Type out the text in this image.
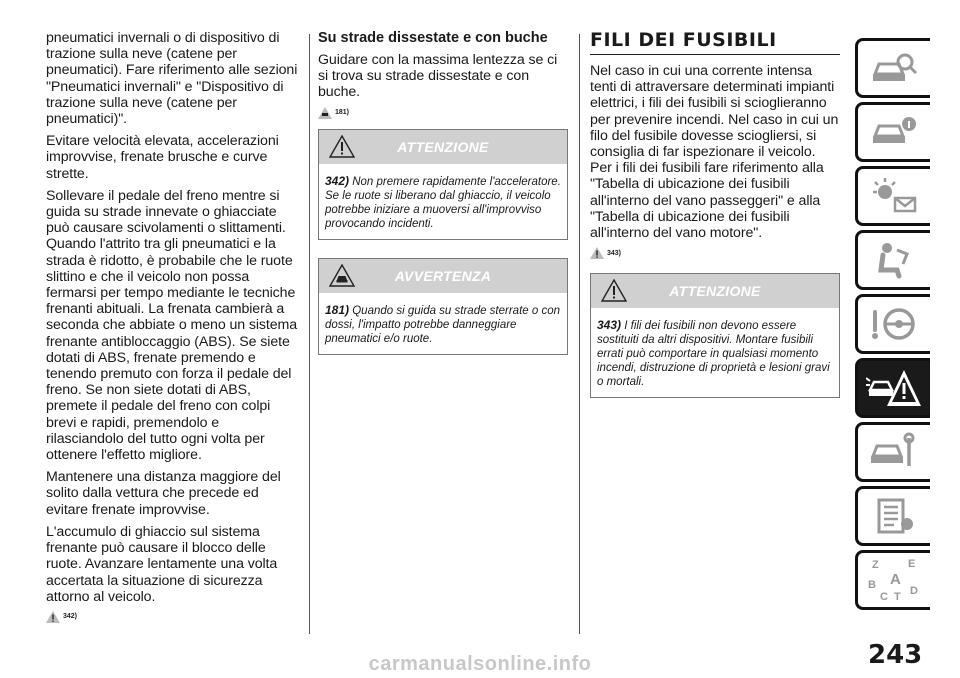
pneumatici invernali o di dispositivo di trazione sulla neve (catene per pneumatici). Fare riferimento alle sezioni "Pneumatici invernali" e "Dispositivo di trazione sulla neve (catene per pneumatici)".

Evitare velocità elevata, accelerazioni improvvise, frenate brusche e curve strette.

Sollevare il pedale del freno mentre si guida su strade innevate o ghiacciate può causare scivolamenti o slittamenti. Quando l'attrito tra gli pneumatici e la strada è ridotto, è probabile che le ruote slittino e che il veicolo non possa fermarsi per tempo mediante le tecniche frenanti abituali. La frenata cambierà a seconda che abbiate o meno un sistema frenante antibloccaggio (ABS). Se siete dotati di ABS, frenate premendo e tenendo premuto con forza il pedale del freno. Se non siete dotati di ABS, premete il pedale del freno con colpi brevi e rapidi, premendolo e rilasciandolo del tutto ogni volta per ottenere l'effetto migliore.

Mantenere una distanza maggiore del solito dalla vettura che precede ed evitare frenate improvvise.

L'accumulo di ghiaccio sul sistema frenante può causare il blocco delle ruote. Avanzare lentamente una volta accertata la situazione di sicurezza attorno al veicolo.

342)

Su strade dissestate e con buche

Guidare con la massima lentezza se ci si trova su strade dissestate e con buche.

181)
ATTENZIONE
342) Non premere rapidamente l'acceleratore. Se le ruote si liberano dal ghiaccio, il veicolo potrebbe iniziare a muoversi all'improvviso provocando incidenti.
AVVERTENZA
181) Quando si guida su strade sterrate o con dossi, l'impatto potrebbe danneggiare pneumatici e/o ruote.
FILI DEI FUSIBILI

Nel caso in cui una corrente intensa tenti di attraversare determinati impianti elettrici, i fili dei fusibili si scioglieranno per prevenire incendi. Nel caso in cui un filo del fusibile dovesse sciogliersi, si consiglia di far ispezionare il veicolo. Per i fili dei fusibili fare riferimento alla "Tabella di ubicazione dei fusibili all'interno del vano passeggeri" e alla "Tabella di ubicazione dei fusibili all'interno del vano motore".

343)
ATTENZIONE
343) I fili dei fusibili non devono essere sostituiti da altri dispositivi. Montare fusibili errati può comportare in qualsiasi momento incendi, distruzione di proprietà e lesioni gravi o mortali.
Z	E
B A
C T D
243
carmanualsonline.info
